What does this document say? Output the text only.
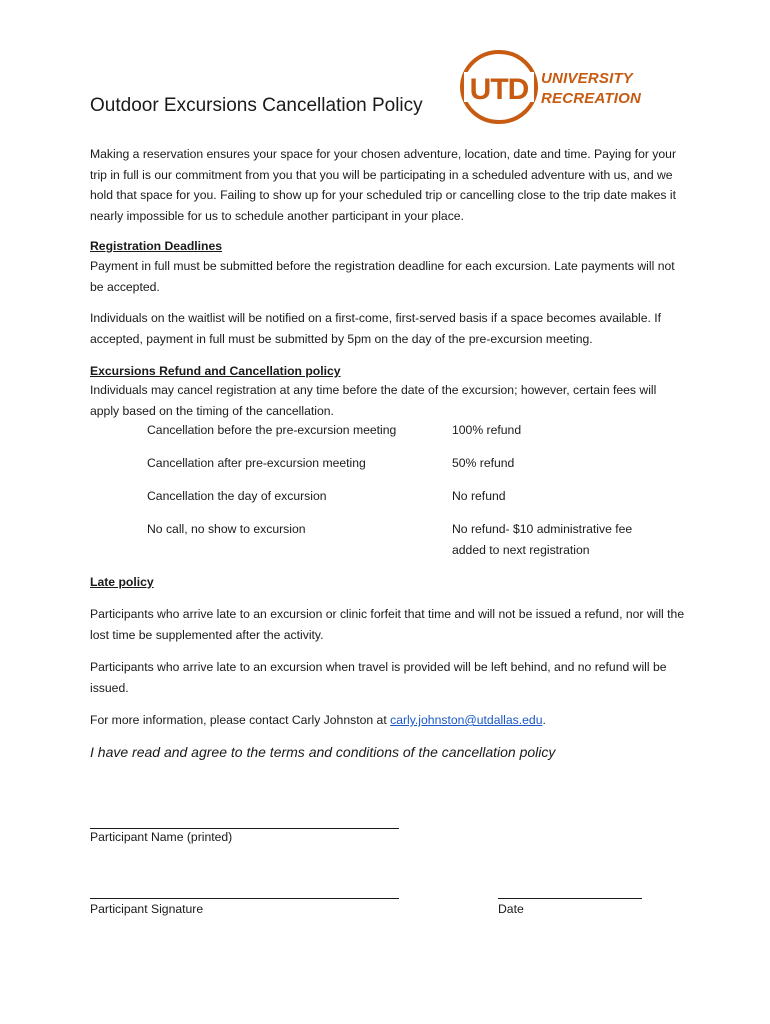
UTD UNIVERSITY
RECREATION
Outdoor Excursions Cancellation Policy
Making a reservation ensures your space for your chosen adventure, location, date and time. Paying for your trip in full is our commitment from you that you will be participating in a scheduled adventure with us, and we hold that space for you. Failing to show up for your scheduled trip or cancelling close to the trip date makes it nearly impossible for us to schedule another participant in your place.
Registration Deadlines
Payment in full must be submitted before the registration deadline for each excursion. Late payments will not be accepted.
Individuals on the waitlist will be notified on a first-come, first-served basis if a space becomes available. If accepted, payment in full must be submitted by 5pm on the day of the pre-excursion meeting.
Excursions Refund and Cancellation policy
Individuals may cancel registration at any time before the date of the excursion; however, certain fees will apply based on the timing of the cancellation.
Cancellation before the pre-excursion meeting	100% refund
Cancellation after pre-excursion meeting	50% refund
Cancellation the day of excursion	No refund
No call, no show to excursion	No refund- $10 administrative fee added to next registration
Late policy
Participants who arrive late to an excursion or clinic forfeit that time and will not be issued a refund, nor will the lost time be supplemented after the activity.
Participants who arrive late to an excursion when travel is provided will be left behind, and no refund will be issued.
For more information, please contact Carly Johnston at carly.johnston@utdallas.edu.
I have read and agree to the terms and conditions of the cancellation policy
Participant Name (printed)
Participant Signature	Date
